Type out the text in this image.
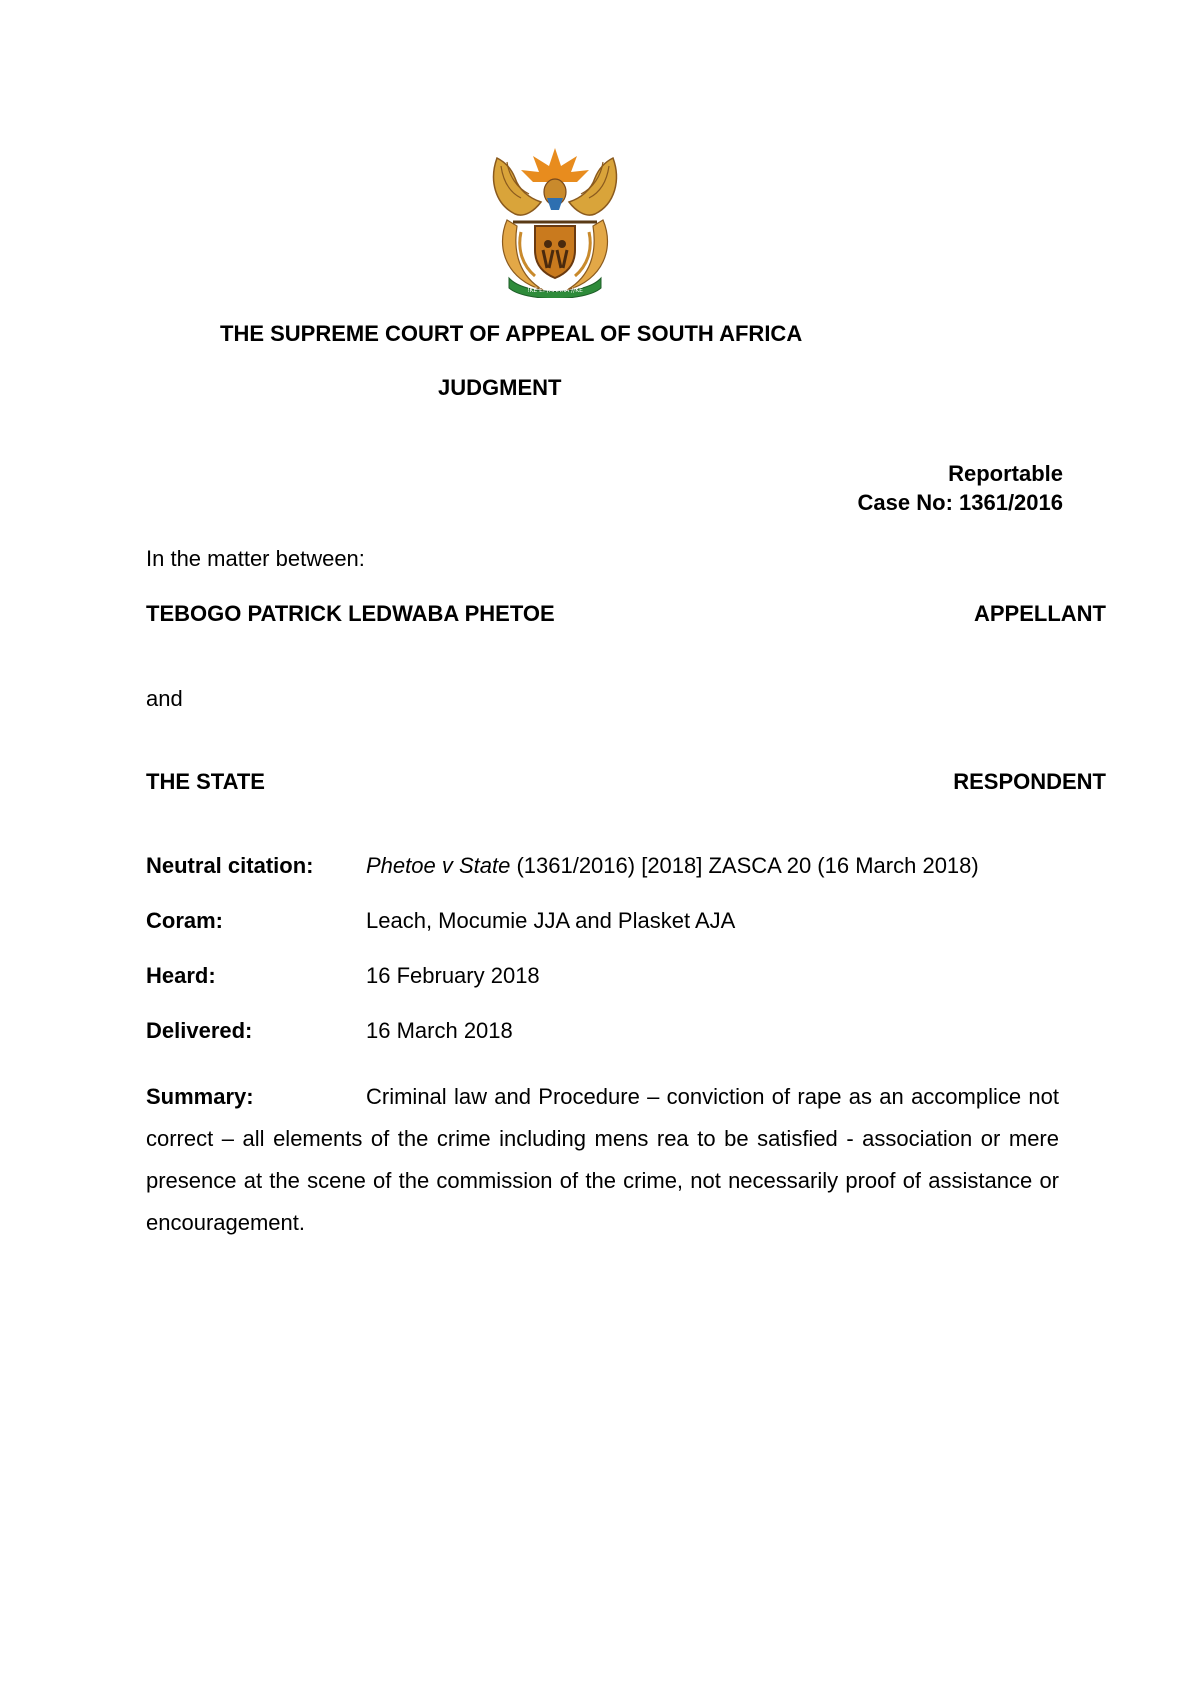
!KE E: /XARRA //KE
THE SUPREME COURT OF APPEAL OF SOUTH AFRICA
JUDGMENT
Reportable
Case No: 1361/2016
In the matter between:
TEBOGO PATRICK LEDWABA PHETOE	APPELLANT
and
THE STATE	RESPONDENT
Neutral citation: Phetoe v State (1361/2016) [2018] ZASCA 20 (16 March 2018)
Coram:	Leach, Mocumie JJA and Plasket AJA
Heard:	16 February 2018
Delivered:	16 March 2018
Summary:	Criminal law and Procedure – conviction of rape as an accomplice not correct – all elements of the crime including mens rea to be satisfied - association or mere presence at the scene of the commission of the crime, not necessarily proof of assistance or encouragement.
